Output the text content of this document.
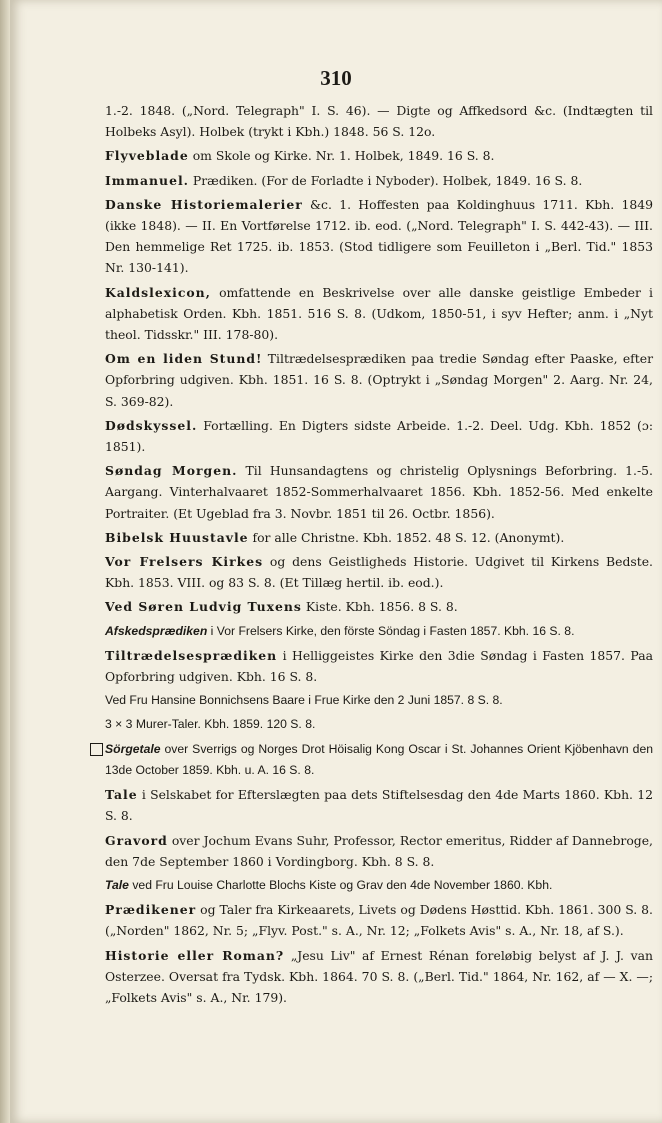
310
1.-2. 1848. („Nord. Telegraph" I. S. 46). — Digte og Affkedsord &c. (Indtægten til Holbeks Asyl). Holbek (trykt i Kbh.) 1848. 56 S. 12o.
Flyveblade om Skole og Kirke. Nr. 1. Holbek, 1849. 16 S. 8.
Immanuel. Prædiken. (For de Forladte i Nyboder). Holbek, 1849. 16 S. 8.
Danske Historiemalerier &c. 1. Hoffesten paa Koldinghuus 1711. Kbh. 1849 (ikke 1848). — II. En Vortførelse 1712. ib. eod. („Nord. Telegraph" I. S. 442-43). — III. Den hemmelige Ret 1725. ib. 1853. (Stod tidligere som Feuilleton i „Berl. Tid." 1853 Nr. 130-141).
Kaldsleхicon, omfattende en Beskrivelse over alle danske geistlige Embeder i alphabetisk Orden. Kbh. 1851. 516 S. 8. (Udkom, 1850-51, i syv Hefter; anm. i „Nyt theol. Tidsskr." III. 178-80).
Om en liden Stund! Tiltrædelsesprædiken paa tredie Søndag efter Paaske, efter Opforbring udgiven. Kbh. 1851. 16 S. 8. (Optrykt i „Søndag Morgen" 2. Aarg. Nr. 24, S. 369-82).
Dødskyssel. Fortælling. En Digters sidste Arbeide. 1.-2. Deel. Udg. Kbh. 1852 (ɔ: 1851).
Søndag Morgen. Til Hunsandagtens og christelig Oplysnings Beforbring. 1.-5. Aargang. Vinterhalvaaret 1852-Sommerhalvaaret 1856. Kbh. 1852-56. Med enkelte Portraiter. (Et Ugeblad fra 3. Novbr. 1851 til 26. Octbr. 1856).
Bibelsk Huustavle for alle Christne. Kbh. 1852. 48 S. 12. (Anonymt).
Vor Frelsers Kirkes og dens Geistligheds Historie. Udgivet til Kirkens Bedste. Kbh. 1853. VIII. og 83 S. 8. (Et Tillæg hertil. ib. eod.).
Ved Søren Ludvig Tuxens Kiste. Kbh. 1856. 8 S. 8.
Afskedsprædiken i Vor Frelsers Kirke, den förste Söndag i Fasten 1857. Kbh. 16 S. 8.
Tiltrædelsesprædiken i Helliggeistes Kirke den 3die Søndag i Fasten 1857. Paa Opforbring udgiven. Kbh. 16 S. 8.
Ved Fru Hansine Bonnichsens Baare i Frue Kirke den 2 Juni 1857. 8 S. 8.
3 × 3 Murer-Taler. Kbh. 1859. 120 S. 8.
Sörgetale over Sverrigs og Norges Drot Höisalig Kong Oscar i St. Johannes Orient Kjöbenhavn den 13de October 1859. Kbh. u. A. 16 S. 8.
Tale i Selskabet for Efterslægten paa dets Stiftelsesdag den 4de Marts 1860. Kbh. 12 S. 8.
Gravord over Jochum Evans Suhr, Professor, Rector emeritus, Ridder af Dannebroge, den 7de September 1860 i Vordingborg. Kbh. 8 S. 8.
Tale ved Fru Louise Charlotte Blochs Kiste og Grav den 4de November 1860. Kbh.
Prædikener og Taler fra Kirkeaarets, Livets og Dødens Høsttid. Kbh. 1861. 300 S. 8. („Norden" 1862, Nr. 5; „Flyv. Post." s. A., Nr. 12; „Folkets Avis" s. A., Nr. 18, af S.).
Historie eller Roman? „Jesu Liv" af Ernest Rénan foreløbig belyst af J. J. van Osterzee. Oversat fra Tydsk. Kbh. 1864. 70 S. 8. („Berl. Tid." 1864, Nr. 162, af — X. —; „Folkets Avis" s. A., Nr. 179).
